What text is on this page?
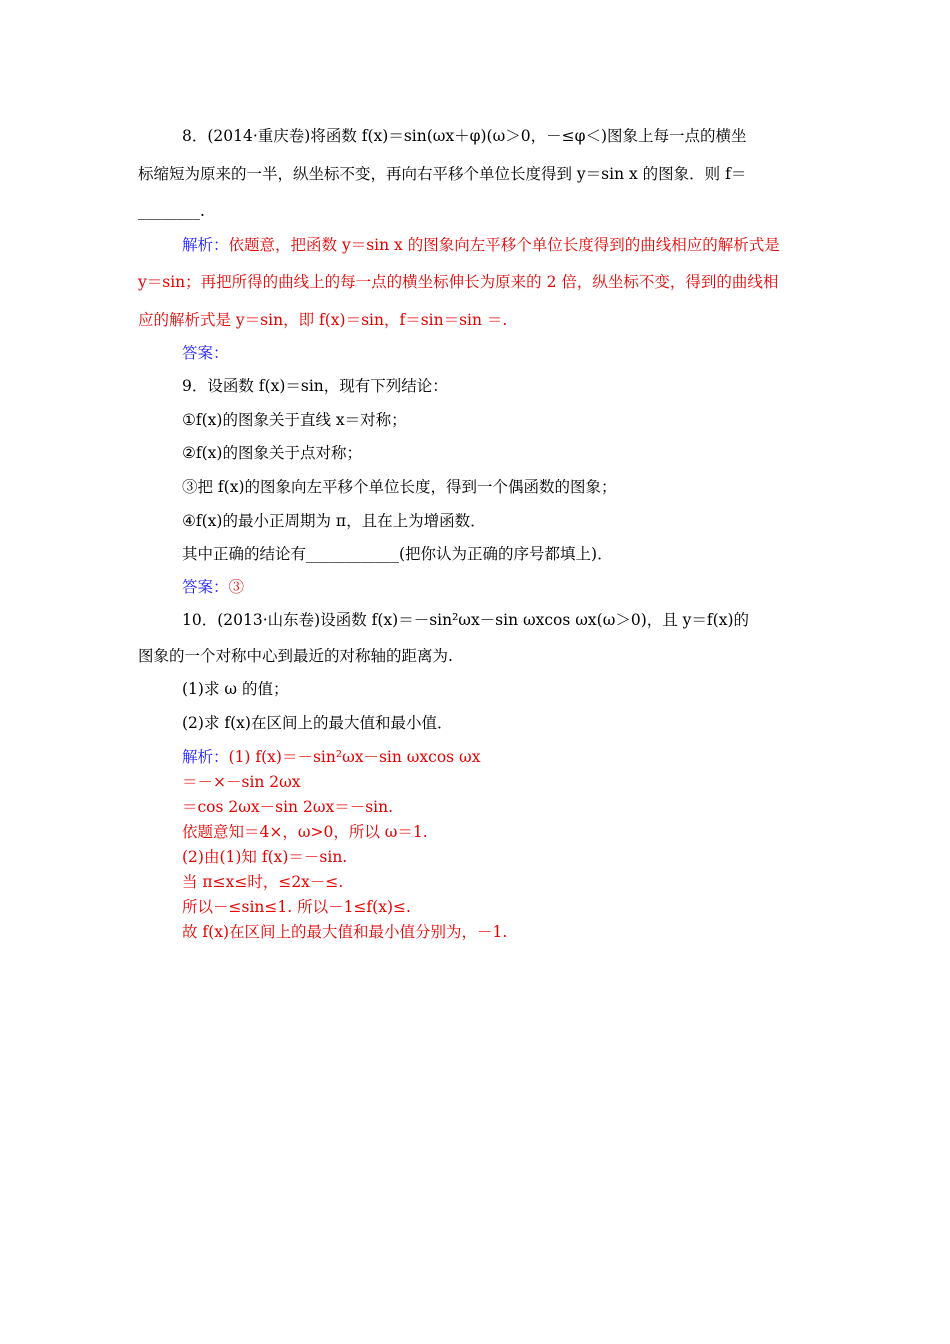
8．(2014·重庆卷)将函数 f(x)＝sin(ωx＋φ)(ω＞0，－≤φ＜)图象上每一点的横坐
标缩短为原来的一半，纵坐标不变，再向右平移个单位长度得到 y＝sin x 的图象．则 f＝
________.
解析：依题意，把函数 y＝sin x 的图象向左平移个单位长度得到的曲线相应的解析式是
y＝sin；再把所得的曲线上的每一点的横坐标伸长为原来的 2 倍，纵坐标不变，得到的曲线相
应的解析式是 y＝sin，即 f(x)＝sin，f＝sin＝sin ＝.
答案：
9．设函数 f(x)＝sin，现有下列结论：
①f(x)的图象关于直线 x＝对称；
②f(x)的图象关于点对称；
③把 f(x)的图象向左平移个单位长度，得到一个偶函数的图象；
④f(x)的最小正周期为 π，且在上为增函数．
其中正确的结论有____________(把你认为正确的序号都填上)．
答案：③
10．(2013·山东卷)设函数 f(x)＝－sin²ωx－sin ωxcos ωx(ω＞0)，且 y＝f(x)的
图象的一个对称中心到最近的对称轴的距离为.
(1)求 ω 的值；
(2)求 f(x)在区间上的最大值和最小值．
解析：(1) f(x)＝－sin²ωx－sin ωxcos ωx
＝－×－sin 2ωx
＝cos 2ωx－sin 2ωx＝－sin.
依题意知＝4×，ω>0，所以 ω＝1.
(2)由(1)知 f(x)＝－sin.
当 π≤x≤时，≤2x－≤.
所以－≤sin≤1. 所以－1≤f(x)≤.
故 f(x)在区间上的最大值和最小值分别为，－1.
